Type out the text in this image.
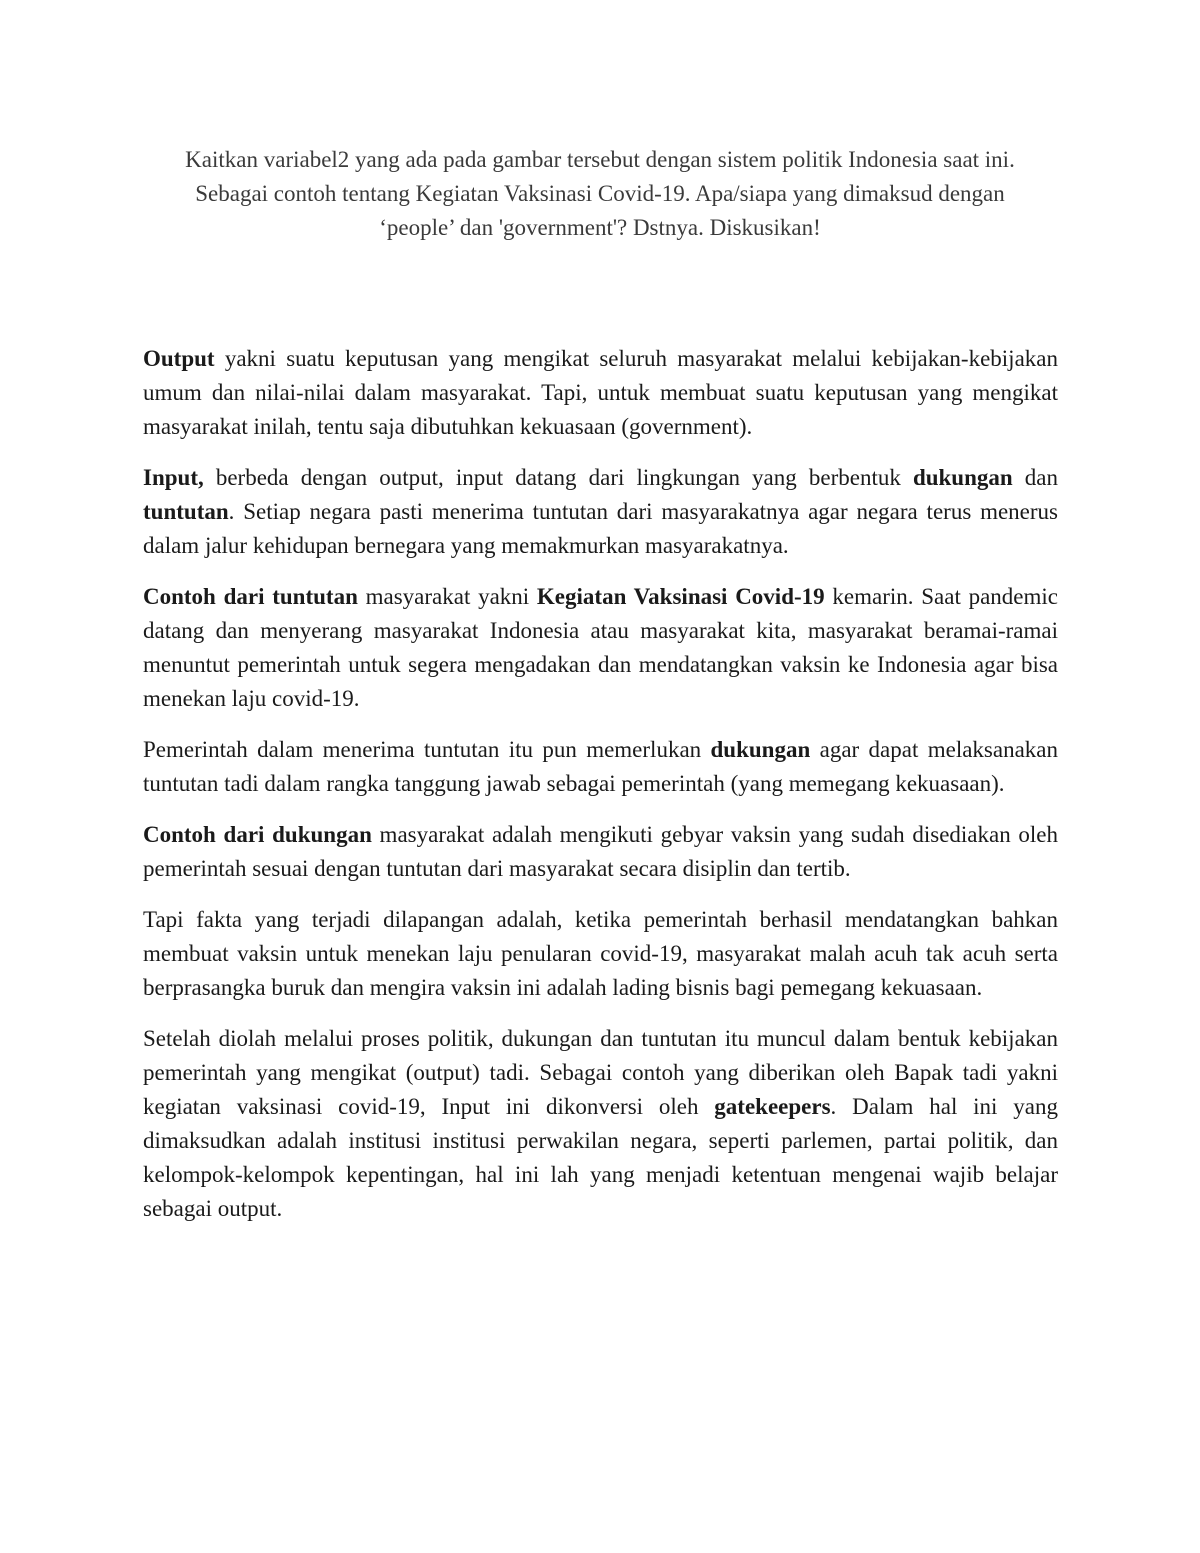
Kaitkan variabel2 yang ada pada gambar tersebut dengan sistem politik Indonesia saat ini. Sebagai contoh tentang Kegiatan Vaksinasi Covid-19. Apa/siapa yang dimaksud dengan ‘people’ dan 'government'? Dstnya. Diskusikan!

Output yakni suatu keputusan yang mengikat seluruh masyarakat melalui kebijakan-kebijakan umum dan nilai-nilai dalam masyarakat. Tapi, untuk membuat suatu keputusan yang mengikat masyarakat inilah, tentu saja dibutuhkan kekuasaan (government).

Input, berbeda dengan output, input datang dari lingkungan yang berbentuk dukungan dan tuntutan. Setiap negara pasti menerima tuntutan dari masyarakatnya agar negara terus menerus dalam jalur kehidupan bernegara yang memakmurkan masyarakatnya.

Contoh dari tuntutan masyarakat yakni Kegiatan Vaksinasi Covid-19 kemarin. Saat pandemic datang dan menyerang masyarakat Indonesia atau masyarakat kita, masyarakat beramai-ramai menuntut pemerintah untuk segera mengadakan dan mendatangkan vaksin ke Indonesia agar bisa menekan laju covid-19.

Pemerintah dalam menerima tuntutan itu pun memerlukan dukungan agar dapat melaksanakan tuntutan tadi dalam rangka tanggung jawab sebagai pemerintah (yang memegang kekuasaan).

Contoh dari dukungan masyarakat adalah mengikuti gebyar vaksin yang sudah disediakan oleh pemerintah sesuai dengan tuntutan dari masyarakat secara disiplin dan tertib.

Tapi fakta yang terjadi dilapangan adalah, ketika pemerintah berhasil mendatangkan bahkan membuat vaksin untuk menekan laju penularan covid-19, masyarakat malah acuh tak acuh serta berprasangka buruk dan mengira vaksin ini adalah lading bisnis bagi pemegang kekuasaan.

Setelah diolah melalui proses politik, dukungan dan tuntutan itu muncul dalam bentuk kebijakan pemerintah yang mengikat (output) tadi. Sebagai contoh yang diberikan oleh Bapak tadi yakni kegiatan vaksinasi covid-19, Input ini dikonversi oleh gatekeepers. Dalam hal ini yang dimaksudkan adalah institusi institusi perwakilan negara, seperti parlemen, partai politik, dan kelompok-kelompok kepentingan, hal ini lah yang menjadi ketentuan mengenai wajib belajar sebagai output.
